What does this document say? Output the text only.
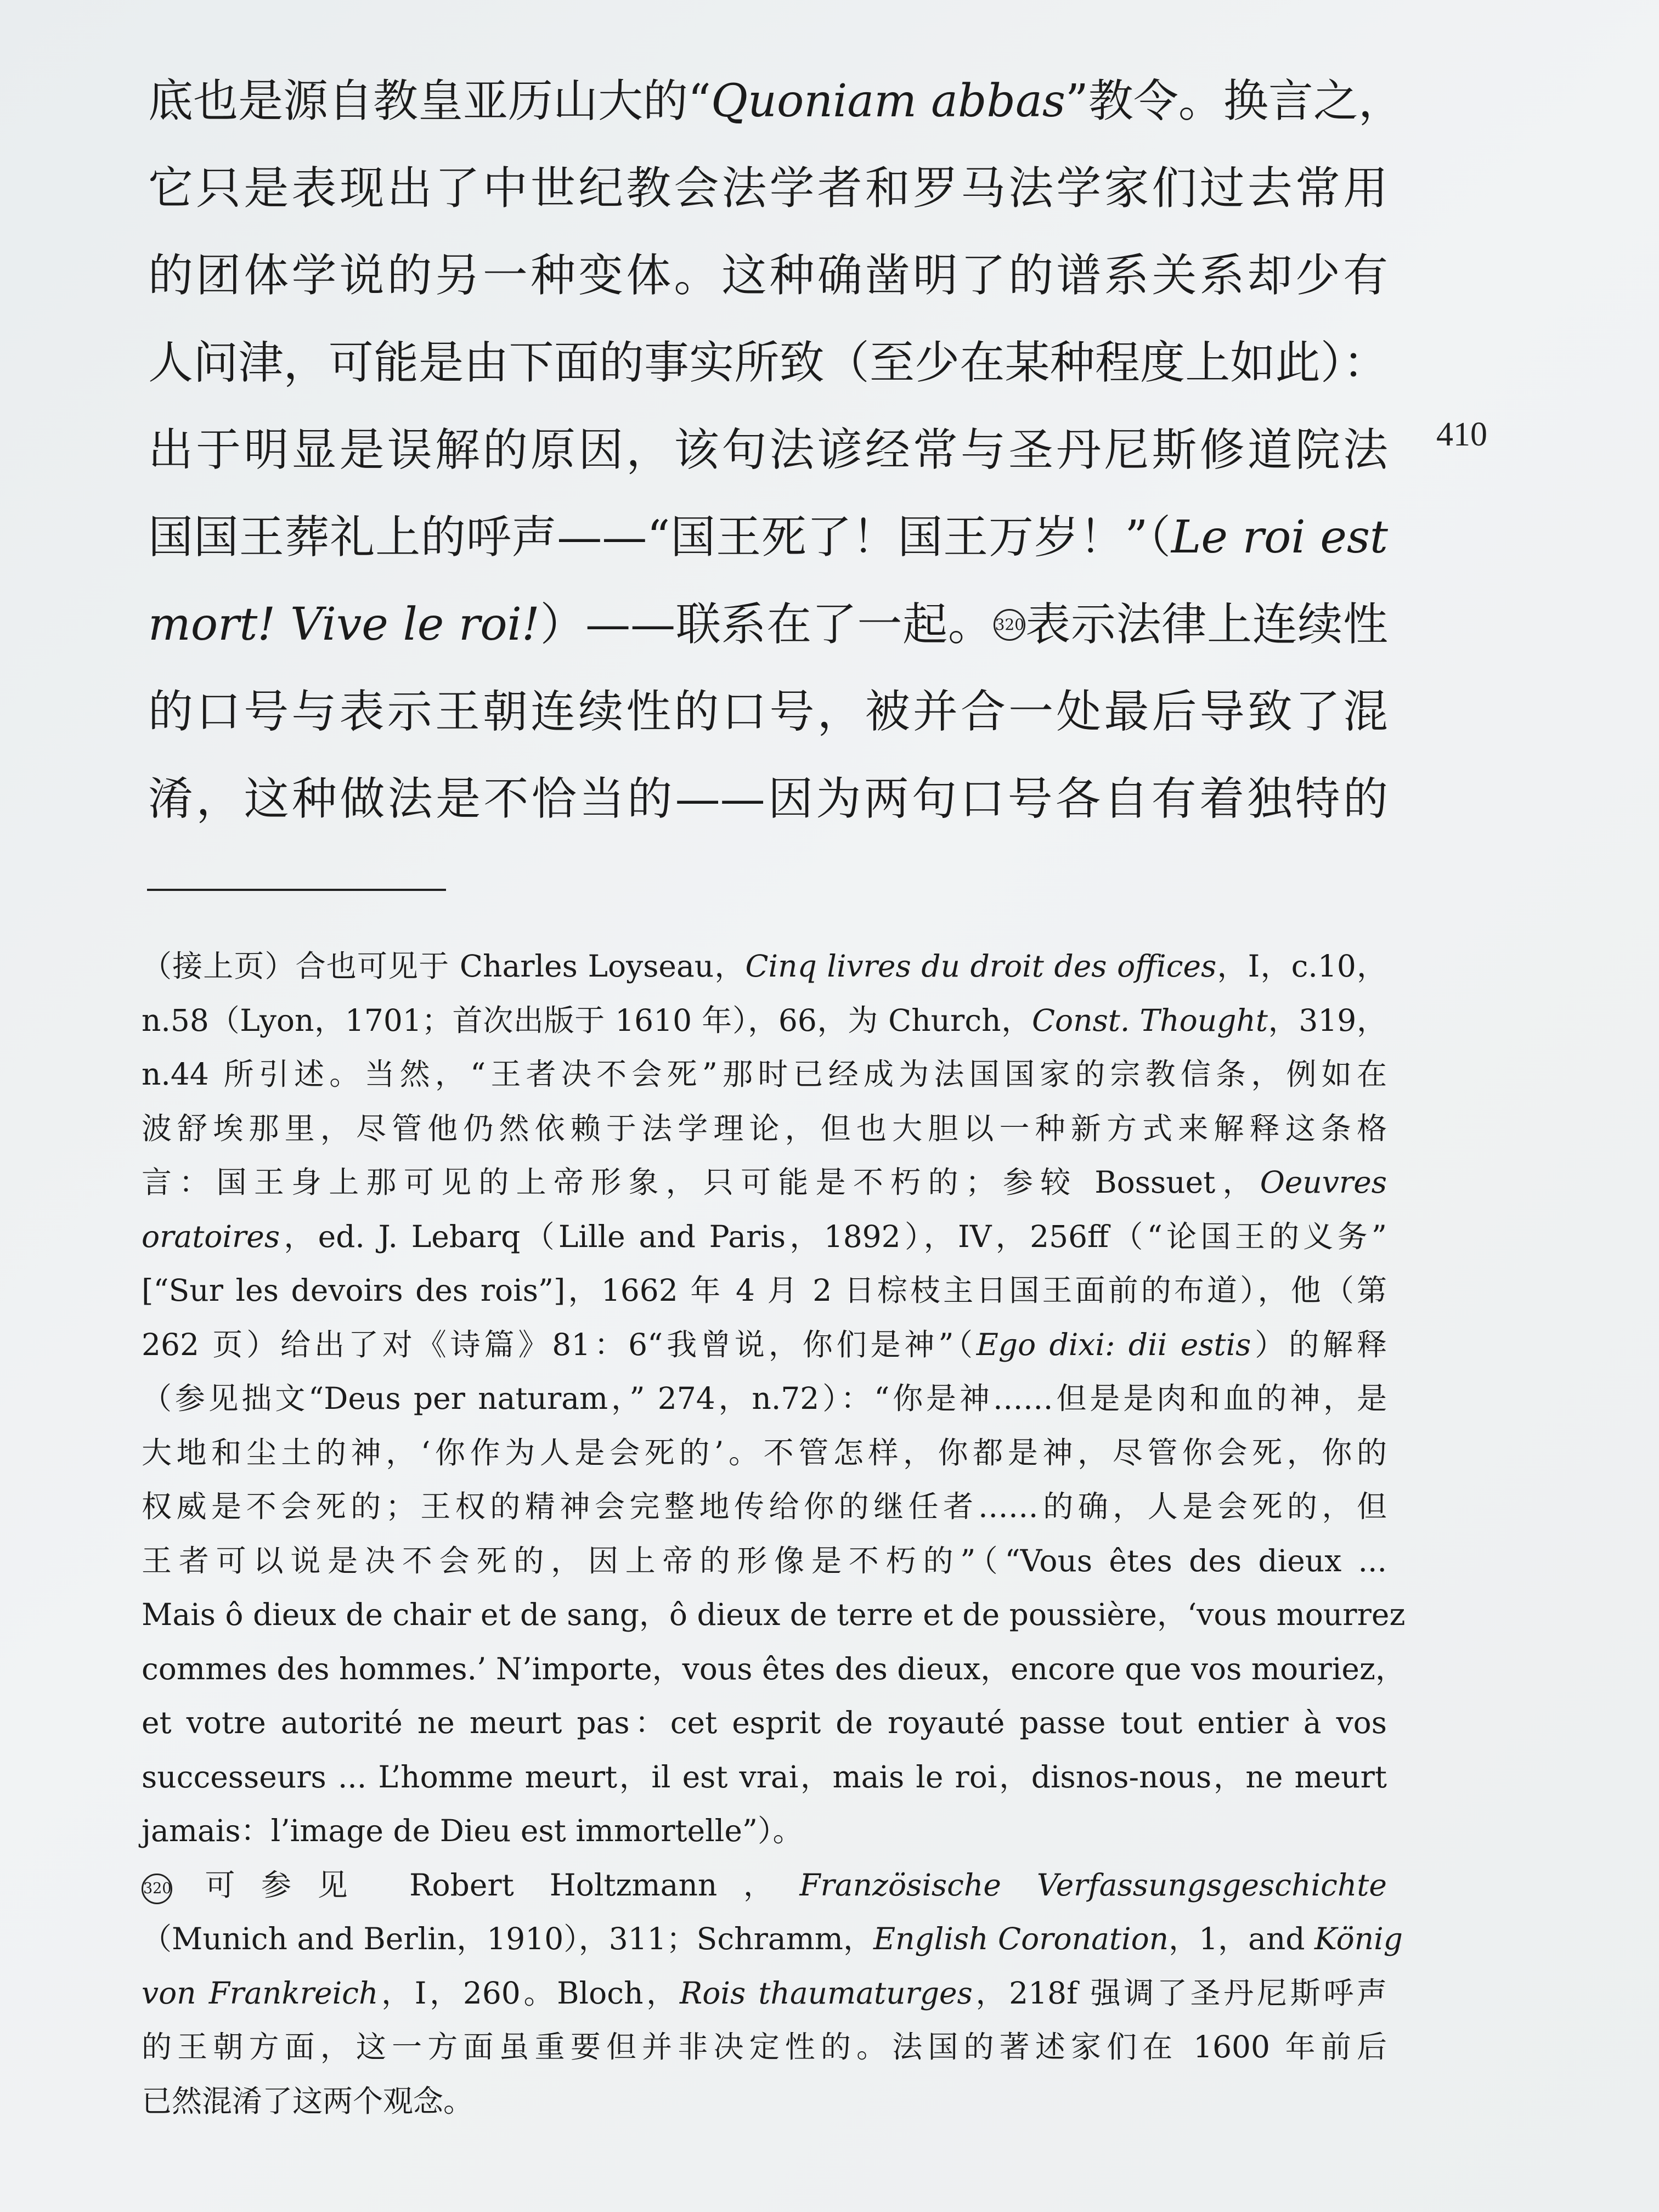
底也是源自教皇亚历山大的“Quoniam abbas”教令。换言之，
它只是表现出了中世纪教会法学者和罗马法学家们过去常用
的团体学说的另一种变体。这种确凿明了的谱系关系却少有
人问津，可能是由下面的事实所致（至少在某种程度上如此）：
出于明显是误解的原因，该句法谚经常与圣丹尼斯修道院法
国国王葬礼上的呼声——“国王死了！国王万岁！”（Le roi est
mort! Vive le roi!）——联系在了一起。 320表示法律上连续性
的口号与表示王朝连续性的口号，被并合一处最后导致了混
淆，这种做法是不恰当的——因为两句口号各自有着独特的
410
（接上页）合也可见于 Charles Loyseau，Cinq livres du droit des offices，I，c.10，
n.58（Lyon，1701；首次出版于 1610 年），66，为 Church，Const. Thought，319，
n.44 所引述。当然，“王者决不会死”那时已经成为法国国家的宗教信条，例如在
波舒埃那里，尽管他仍然依赖于法学理论，但也大胆以一种新方式来解释这条格
言：国王身上那可见的上帝形象，只可能是不朽的；参较 Bossuet，Oeuvres
oratoires，ed. J. Lebarq（Lille and Paris，1892），IV，256ff（“论国王的义务”
[“Sur les devoirs des rois”]，1662 年 4 月 2 日棕枝主日国王面前的布道），他（第
262 页）给出了对《诗篇》81：6“我曾说，你们是神”（Ego dixi: dii estis）的解释
（参见拙文“Deus per naturam，” 274，n.72）：“你是神……但是是肉和血的神，是
大地和尘土的神，‘你作为人是会死的’。不管怎样，你都是神，尽管你会死，你的
权威是不会死的；王权的精神会完整地传给你的继任者……的确，人是会死的，但
王者可以说是决不会死的，因上帝的形像是不朽的”（“Vous êtes des dieux ...
Mais ô dieux de chair et de sang，ô dieux de terre et de poussière，‘vous mourrez
commes des hommes.’ N’importe，vous êtes des dieux，encore que vos mouriez，
et votre autorité ne meurt pas：cet esprit de royauté passe tout entier à vos
successeurs ... L’homme meurt，il est vrai，mais le roi，disnos-nous，ne meurt
jamais：l’image de Dieu est immortelle”）。
320 可参见 Robert Holtzmann，Französische Verfassungsgeschichte
（Munich and Berlin，1910），311；Schramm，English Coronation，1，and König
von Frankreich，I，260。Bloch，Rois thaumaturges，218f 强调了圣丹尼斯呼声
的王朝方面，这一方面虽重要但并非决定性的。法国的著述家们在 1600 年前后
已然混淆了这两个观念。
